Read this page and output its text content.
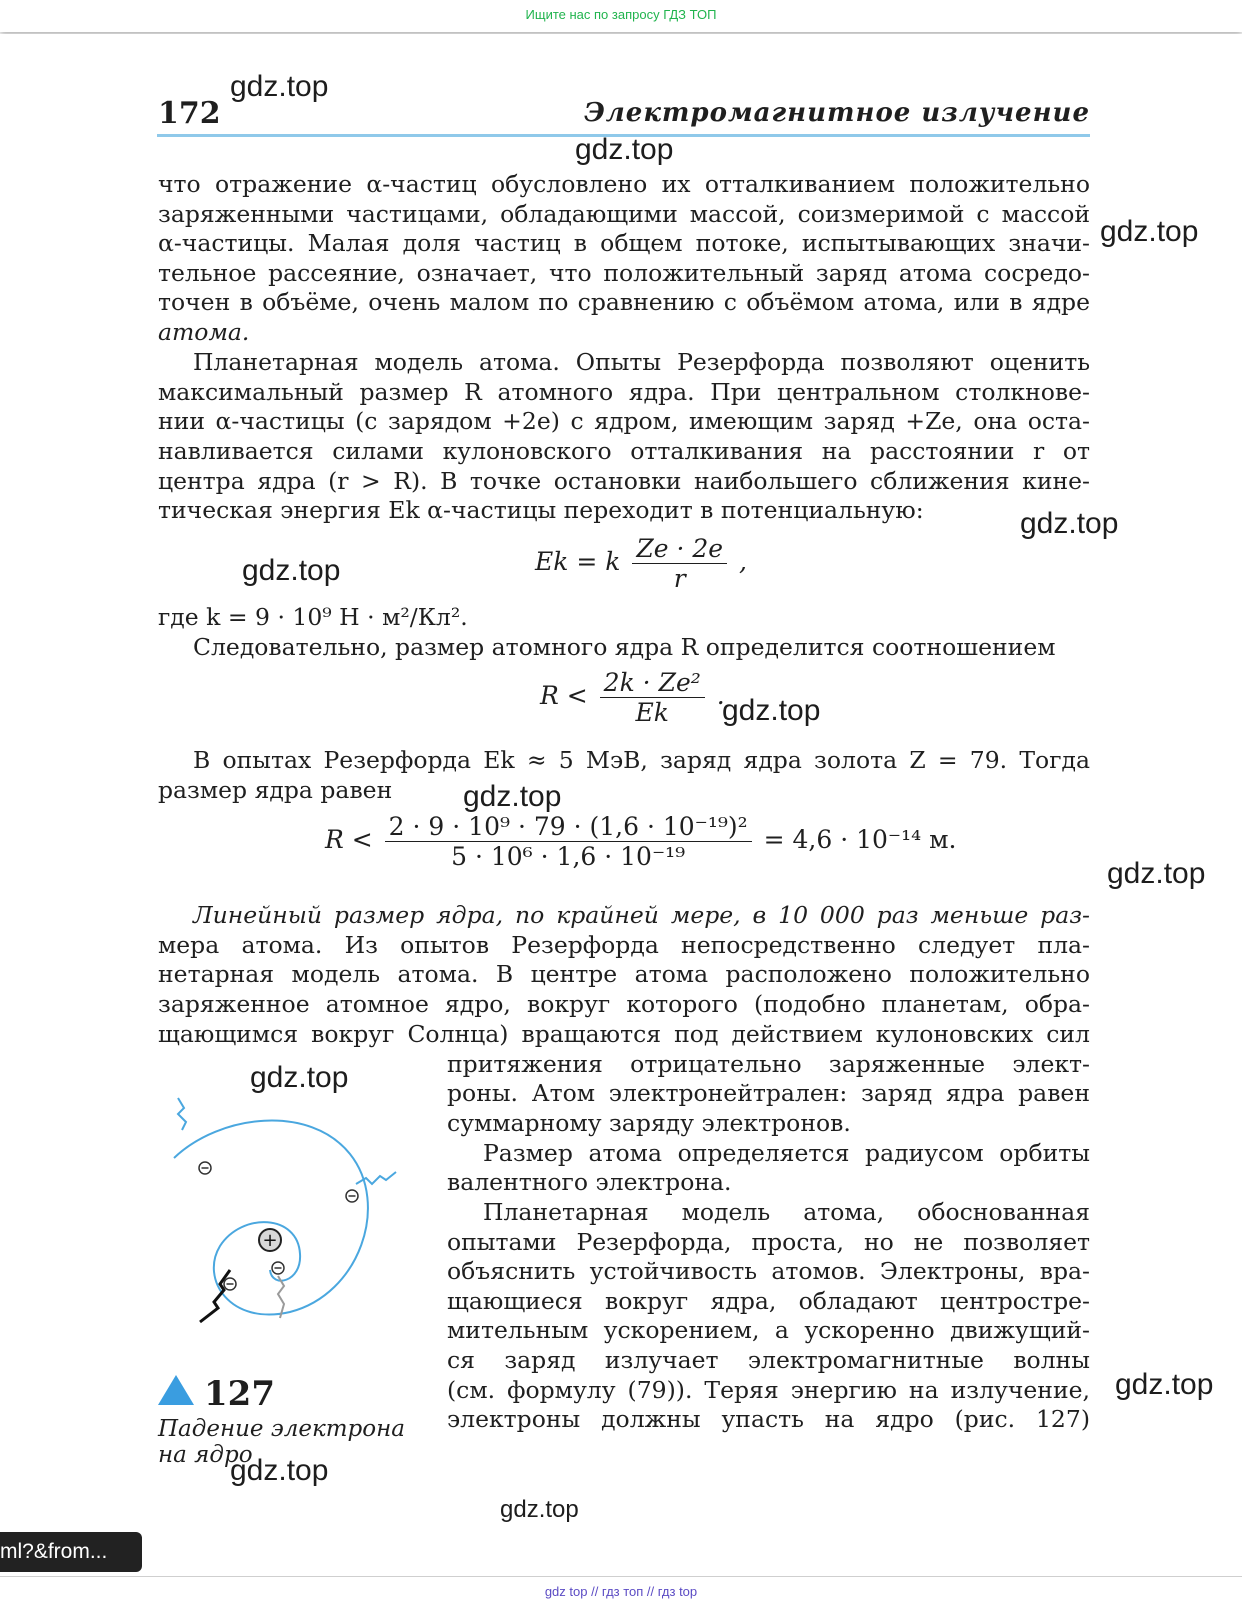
Ищите нас по запросу ГДЗ ТОП
172	Электромагнитное излучение
что отражение α-частиц обусловлено их отталкиванием положительно
заряженными частицами, обладающими массой, соизмеримой с массой
α-частицы. Малая доля частиц в общем потоке, испытывающих значи-
тельное рассеяние, означает, что положительный заряд атома сосредо-
точен в объёме, очень малом по сравнению с объёмом атома, или в ядре
атома.
Планетарная модель атома. Опыты Резерфорда позволяют оценить
максимальный размер R атомного ядра. При центральном столкнове-
нии α-частицы (с зарядом +2e) с ядром, имеющим заряд +Ze, она оста-
навливается силами кулоновского отталкивания на расстоянии r от
центра ядра (r > R). В точке остановки наибольшего сближения кине-
тическая энергия Ek α-частицы переходит в потенциальную:
Ek = k $\frac{Ze \cdot 2e}{r}$ ,
где k = 9 · 10⁹ Н · м²/Кл².
Следовательно, размер атомного ядра R определится соотношением
$R < \frac{\text{2k · Ze²}}{Ek}$ .
В опытах Резерфорда Ek ≈ 5 МэВ, заряд ядра золота Z = 79. Тогда
размер ядра равен
$R < \frac{\text{2 · 9 · 10⁹ · 79 · (1,6 · 10⁻¹⁹)²}}{\text{5 · 10⁶ · 1,6 · 10⁻¹⁹}} = 4,6 \cdot 10^{-14}$ м.
Линейный размер ядра, по крайней мере, в 10 000 раз меньше раз-
мера атома. Из опытов Резерфорда непосредственно следует пла-
нетарная модель атома. В центре атома расположено положительно
заряженное атомное ядро, вокруг которого (подобно планетам, обра-
щающимся вокруг Солнца) вращаются под действием кулоновских сил
притяжения отрицательно заряженные элект-
роны. Атом электронейтрален: заряд ядра равен
суммарному заряду электронов.
Размер атома определяется радиусом орбиты
валентного электрона.
Планетарная модель атома, обоснованная
опытами Резерфорда, проста, но не позволяет
объяснить устойчивость атомов. Электроны, вра-
щающиеся вокруг ядра, обладают центростре-
мительным ускорением, а ускоренно движущий-
ся заряд излучает электромагнитные волны
(см. формулу (79)). Теряя энергию на излучение,
электроны должны упасть на ядро (рис. 127)
+
127
Падение электрона
на ядро
gdz.top
gdz.top
gdz.top
gdz.top
gdz.top
gdz.top
gdz.top
gdz.top
gdz.top
gdz.top
gdz.top
gdz.top
ml?&from...
gdz top // гдз топ // гдз top
